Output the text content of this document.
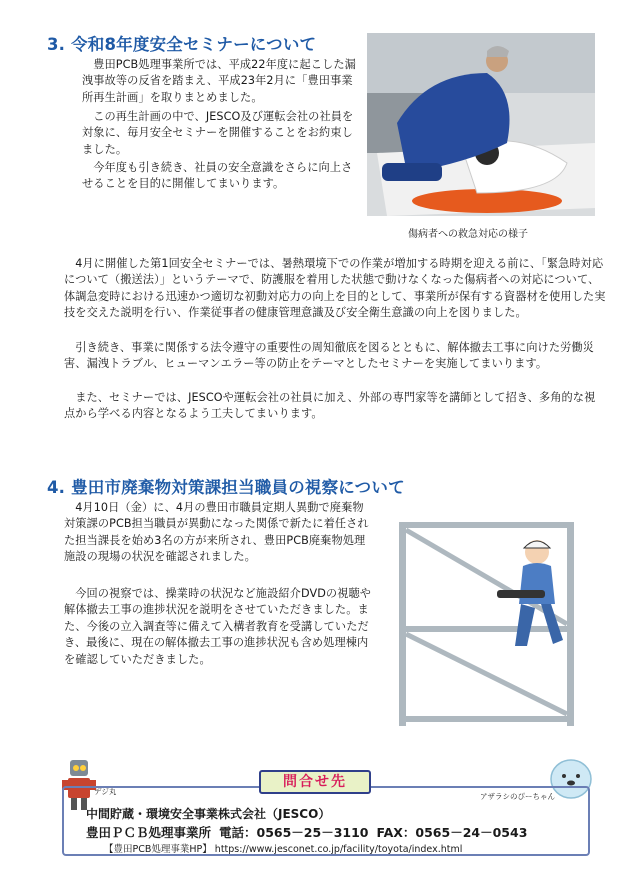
3. 令和8年度安全セミナーについて
豊田PCB処理事業所では、平成22年度に起こした漏洩事故等の反省を踏まえ、平成23年2月に「豊田事業所再生計画」を取りまとめました。
この再生計画の中で、JESCO及び運転会社の社員を対象に、毎月安全セミナーを開催することをお約束しました。
今年度も引き続き、社員の安全意識をさらに向上させることを目的に開催してまいります。
傷病者への救急対応の様子
4月に開催した第1回安全セミナーでは、暑熱環境下での作業が増加する時期を迎える前に、「緊急時対応について（搬送法）」というテーマで、防護服を着用した状態で動けなくなった傷病者への対応について、体調急変時における迅速かつ適切な初動対応力の向上を目的として、事業所が保有する資器材を使用した実技を交えた説明を行い、作業従事者の健康管理意識及び安全衛生意識の向上を図りました。
引き続き、事業に関係する法令遵守の重要性の周知徹底を図るとともに、解体撤去工事に向けた労働災害、漏洩トラブル、ヒューマンエラー等の防止をテーマとしたセミナーを実施してまいります。
また、セミナーでは、JESCOや運転会社の社員に加え、外部の専門家等を講師として招き、多角的な視点から学べる内容となるよう工夫してまいります。
4. 豊田市廃棄物対策課担当職員の視察について
4月10日（金）に、4月の豊田市職員定期人異動で廃棄物対策課のPCB担当職員が異動になった関係で新たに着任された担当課長を始め3名の方が来所され、豊田PCB廃棄物処理施設の現場の状況を確認されました。
今回の視察では、操業時の状況など施設紹介DVDの視聴や解体撤去工事の進捗状況を説明をさせていただきました。また、今後の立入調査等に備えて入構者教育を受講していただき、最後に、現在の解体撤去工事の進捗状況も含め処理棟内を確認していただきました。
デジ丸
アザラシのぴーちゃん
問合せ先
中間貯蔵・環境安全事業株式会社（JESCO）
豊田ＰＣＢ処理事業所 電話：0565－25－3110 FAX：0565－24－0543
【豊田PCB処理事業HP】 https://www.jesconet.co.jp/facility/toyota/index.html
